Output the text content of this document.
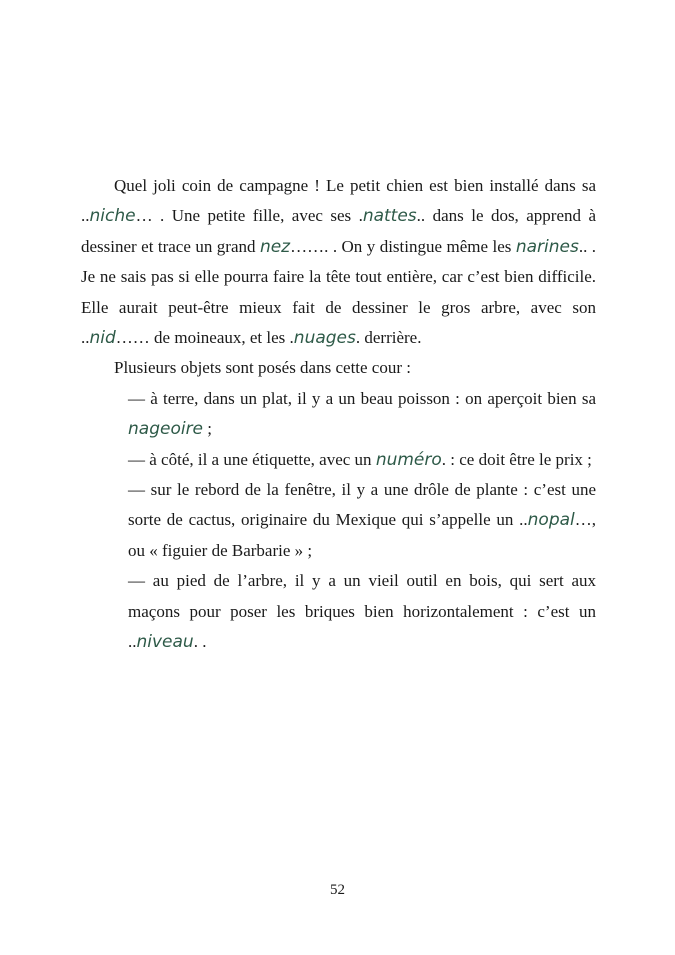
Quel joli coin de campagne ! Le petit chien est bien installé dans sa ..niche… . Une petite fille, avec ses .nattes.. dans le dos, apprend à dessiner et trace un grand nez……. . On y distingue même les narines.. . Je ne sais pas si elle pourra faire la tête tout entière, car c’est bien difficile. Elle aurait peut-être mieux fait de dessiner le gros arbre, avec son ..nid…… de moineaux, et les .nuages. derrière.

Plusieurs objets sont posés dans cette cour :

— à terre, dans un plat, il y a un beau poisson : on aperçoit bien sa nageoire ;

— à côté, il a une étiquette, avec un numéro. : ce doit être le prix ;

— sur le rebord de la fenêtre, il y a une drôle de plante : c’est une sorte de cactus, originaire du Mexique qui s’appelle un ..nopal…, ou « figuier de Barbarie » ;

— au pied de l’arbre, il y a un vieil outil en bois, qui sert aux maçons pour poser les briques bien horizontalement : c’est un ..niveau. .

52
